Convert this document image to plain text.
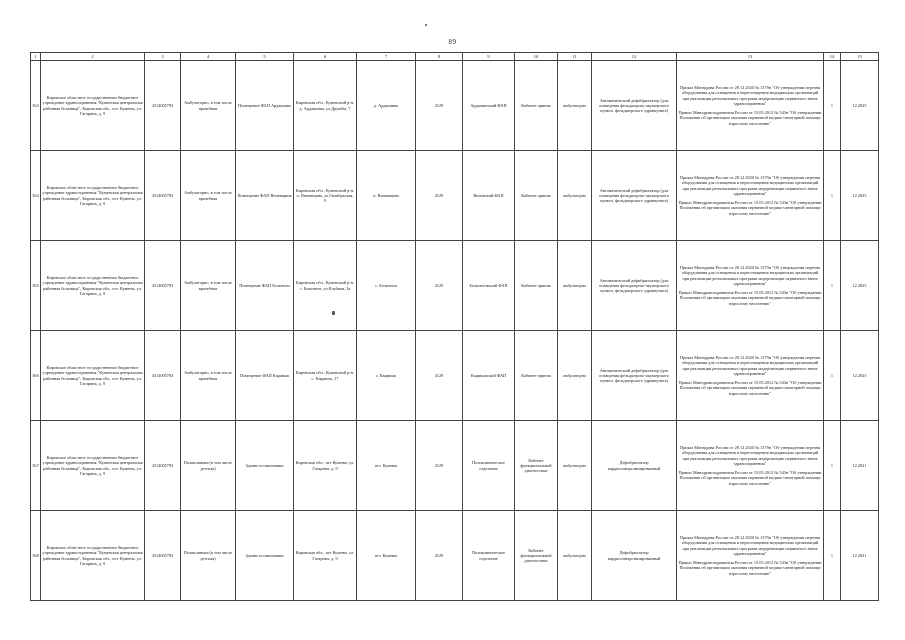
89
1	2	3	4	5	6	7	8	9	10	11	12	13	14	15
363	Кировское областное государственное бюджетное учреждение здравоохранения "Куменская центральная районная больница", Кировская обл., пгт. Кумены, ул. Гагарина, д. 9	4314005783	Амбулаторно, в том числе врачебная	Помещение ФАП Ардашины	Кировская обл., Куменский р-н, д. Ардашины, ул.Дружбы, 7	д. Ардашины	4129	Ардашинский ФАП	Кабинет приема	амбулаторно	Автоматический дефибриллятор (для оснащения фельдшерско-акушерского пункта, фельдшерского здравпункта)	Приказ Минздрава России от 28.12.2020 № 1379н "Об утверждении перечня оборудования для оснащения и переоснащения медицинских организаций при реализации региональных программ модернизации первичного звена здравоохранения"
Приказ Минздравсоцразвития России от 15.05.2012 № 543н "Об утверждении Положения об организации оказания первичной медико-санитарной помощи взрослому населению"	1	12.2025
364	Кировское областное государственное бюджетное учреждение здравоохранения "Куменская центральная районная больница", Кировская обл., пгт. Кумены, ул. Гагарина, д. 9	4314005783	Амбулаторно, в том числе врачебная	Помещение ФАП Вичевщина	Кировская обл., Куменский р-н, п. Вичевщина, ул.Октябрьская, 9	п. Вичевщина	4129	Вичевский ФАП	Кабинет приема	амбулаторно	Автоматический дефибриллятор (для оснащения фельдшерско-акушерского пункта, фельдшерского здравпункта)	Приказ Минздрава России от 28.12.2020 № 1379н "Об утверждении перечня оборудования для оснащения и переоснащения медицинских организаций при реализации региональных программ модернизации первичного звена здравоохранения"
Приказ Минздравсоцразвития России от 15.05.2012 № 543н "Об утверждении Положения об организации оказания первичной медико-санитарной помощи взрослому населению"	1	12.2025
365	Кировское областное государственное бюджетное учреждение здравоохранения "Куменская центральная районная больница", Кировская обл., пгт. Кумены, ул. Гагарина, д. 9	4314005783	Амбулаторно, в том числе врачебная	Помещение ФАП Бельтюги	Кировская обл., Куменский р-н, с. Бельтюги, ул.Клубная, 3а	с. Бельтюги	4129	Бельтюговский ФАП	Кабинет приема	амбулаторно	Автоматический дефибриллятор (для оснащения фельдшерско-акушерского пункта, фельдшерского здравпункта)	Приказ Минздрава России от 28.12.2020 № 1379н "Об утверждении перечня оборудования для оснащения и переоснащения медицинских организаций при реализации региональных программ модернизации первичного звена здравоохранения"
Приказ Минздравсоцразвития России от 15.05.2012 № 543н "Об утверждении Положения об организации оказания первичной медико-санитарной помощи взрослому населению"	1	12.2025
366	Кировское областное государственное бюджетное учреждение здравоохранения "Куменская центральная районная больница", Кировская обл., пгт. Кумены, ул. Гагарина, д. 9	4314005783	Амбулаторно, в том числе врачебная	Помещение ФАП Кырмыж	Кировская обл., Куменский р-н, с. Кырмыж, 17	с. Кырмыж	4129	Кырмыжский ФАП	Кабинет приема	амбулаторно	Автоматический дефибриллятор (для оснащения фельдшерско-акушерского пункта, фельдшерского здравпункта)	Приказ Минздрава России от 28.12.2020 № 1379н "Об утверждении перечня оборудования для оснащения и переоснащения медицинских организаций при реализации региональных программ модернизации первичного звена здравоохранения"
Приказ Минздравсоцразвития России от 15.05.2012 № 543н "Об утверждении Положения об организации оказания первичной медико-санитарной помощи взрослому населению"	1	12.2025
367	Кировское областное государственное бюджетное учреждение здравоохранения "Куменская центральная районная больница", Кировская обл., пгт. Кумены, ул. Гагарина, д. 9	4314005783	Поликлиника (в том числе детская)	Здание поликлиники	Кировская обл., пгт Кумены, ул. Гагарина, д. 9	пгт. Кумены	4129	Поликлиническое отделение	Кабинет функциональной диагностики	амбулаторно	Дефибриллятор кардиосинхронизированный	Приказ Минздрава России от 28.12.2020 № 1379н "Об утверждении перечня оборудования для оснащения и переоснащения медицинских организаций при реализации региональных программ модернизации первичного звена здравоохранения"
Приказ Минздравсоцразвития России от 15.05.2012 № 543н "Об утверждении Положения об организации оказания первичной медико-санитарной помощи взрослому населению"	1	12.2021
368	Кировское областное государственное бюджетное учреждение здравоохранения "Куменская центральная районная больница", Кировская обл., пгт. Кумены, ул. Гагарина, д. 9	4314005783	Поликлиника (в том числе детская)	Здание поликлиники	Кировская обл., пгт Кумены, ул. Гагарина, д. 9	пгт. Кумены	4129	Поликлиническое отделение	Кабинет функциональной диагностики	амбулаторно	Дефибриллятор кардиосинхронизированный	Приказ Минздрава России от 28.12.2020 № 1379н "Об утверждении перечня оборудования для оснащения и переоснащения медицинских организаций при реализации региональных программ модернизации первичного звена здравоохранения"
Приказ Минздравсоцразвития России от 15.05.2012 № 543н "Об утверждении Положения об организации оказания первичной медико-санитарной помощи взрослому населению"	1	12.2021
